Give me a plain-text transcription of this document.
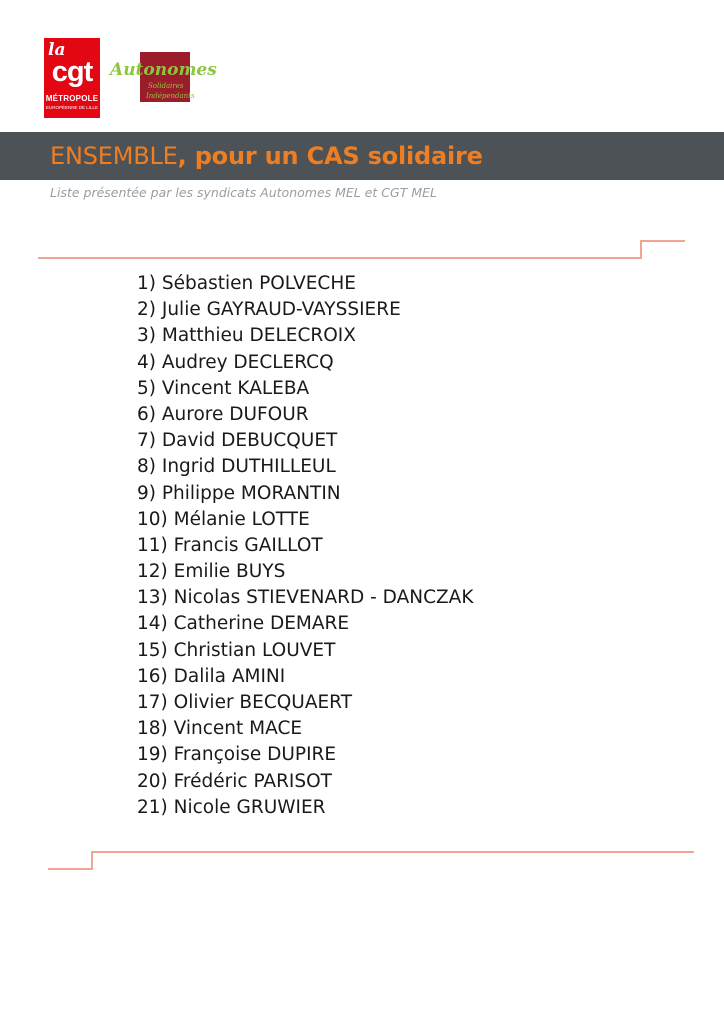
la
cgt
MÉTROPOLE
EUROPÉENNE DE LILLE
Autonomes
Solidaires
Indépendants
ENSEMBLE, pour un CAS solidaire
Liste présentée par les syndicats Autonomes MEL et CGT MEL
1) Sébastien POLVECHE
2) Julie GAYRAUD-VAYSSIERE
3) Matthieu DELECROIX
4) Audrey DECLERCQ
5) Vincent KALEBA
6) Aurore DUFOUR
7) David DEBUCQUET
8) Ingrid DUTHILLEUL
9) Philippe MORANTIN
10) Mélanie LOTTE
11) Francis GAILLOT
12) Emilie BUYS
13) Nicolas STIEVENARD - DANCZAK
14) Catherine DEMARE
15) Christian LOUVET
16) Dalila AMINI
17) Olivier BECQUAERT
18) Vincent MACE
19) Françoise DUPIRE
20) Frédéric PARISOT
21) Nicole GRUWIER
